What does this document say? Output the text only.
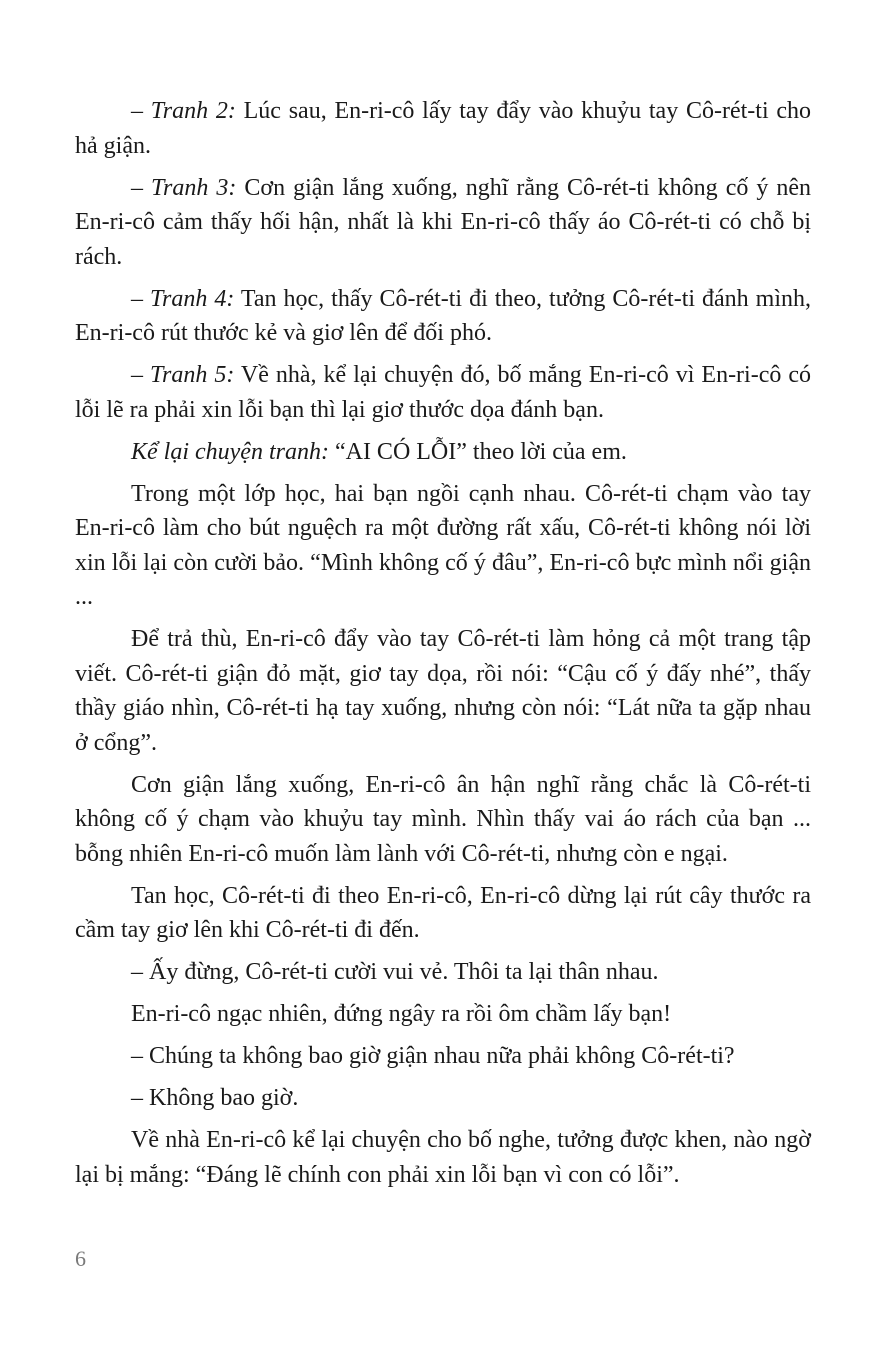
– Tranh 2: Lúc sau, En-ri-cô lấy tay đẩy vào khuỷu tay Cô-rét-ti cho hả giận.

– Tranh 3: Cơn giận lắng xuống, nghĩ rằng Cô-rét-ti không cố ý nên En-ri-cô cảm thấy hối hận, nhất là khi En-ri-cô thấy áo Cô-rét-ti có chỗ bị rách.

– Tranh 4: Tan học, thấy Cô-rét-ti đi theo, tưởng Cô-rét-ti đánh mình, En-ri-cô rút thước kẻ và giơ lên để đối phó.

– Tranh 5: Về nhà, kể lại chuyện đó, bố mắng En-ri-cô vì En-ri-cô có lỗi lẽ ra phải xin lỗi bạn thì lại giơ thước dọa đánh bạn.

Kể lại chuyện tranh: “AI CÓ LỖI” theo lời của em.

Trong một lớp học, hai bạn ngồi cạnh nhau. Cô-rét-ti chạm vào tay En-ri-cô làm cho bút nguệch ra một đường rất xấu, Cô-rét-ti không nói lời xin lỗi lại còn cười bảo. “Mình không cố ý đâu”, En-ri-cô bực mình nổi giận ...

Để trả thù, En-ri-cô đẩy vào tay Cô-rét-ti làm hỏng cả một trang tập viết. Cô-rét-ti giận đỏ mặt, giơ tay dọa, rồi nói: “Cậu cố ý đấy nhé”, thấy thầy giáo nhìn, Cô-rét-ti hạ tay xuống, nhưng còn nói: “Lát nữa ta gặp nhau ở cổng”.

Cơn giận lắng xuống, En-ri-cô ân hận nghĩ rằng chắc là Cô-rét-ti không cố ý chạm vào khuỷu tay mình. Nhìn thấy vai áo rách của bạn ... bỗng nhiên En-ri-cô muốn làm lành với Cô-rét-ti, nhưng còn e ngại.

Tan học, Cô-rét-ti đi theo En-ri-cô, En-ri-cô dừng lại rút cây thước ra cầm tay giơ lên khi Cô-rét-ti đi đến.

– Ấy đừng, Cô-rét-ti cười vui vẻ. Thôi ta lại thân nhau.

En-ri-cô ngạc nhiên, đứng ngây ra rồi ôm chầm lấy bạn!

– Chúng ta không bao giờ giận nhau nữa phải không Cô-rét-ti?

– Không bao giờ.

Về nhà En-ri-cô kể lại chuyện cho bố nghe, tưởng được khen, nào ngờ lại bị mắng: “Đáng lẽ chính con phải xin lỗi bạn vì con có lỗi”.

6
